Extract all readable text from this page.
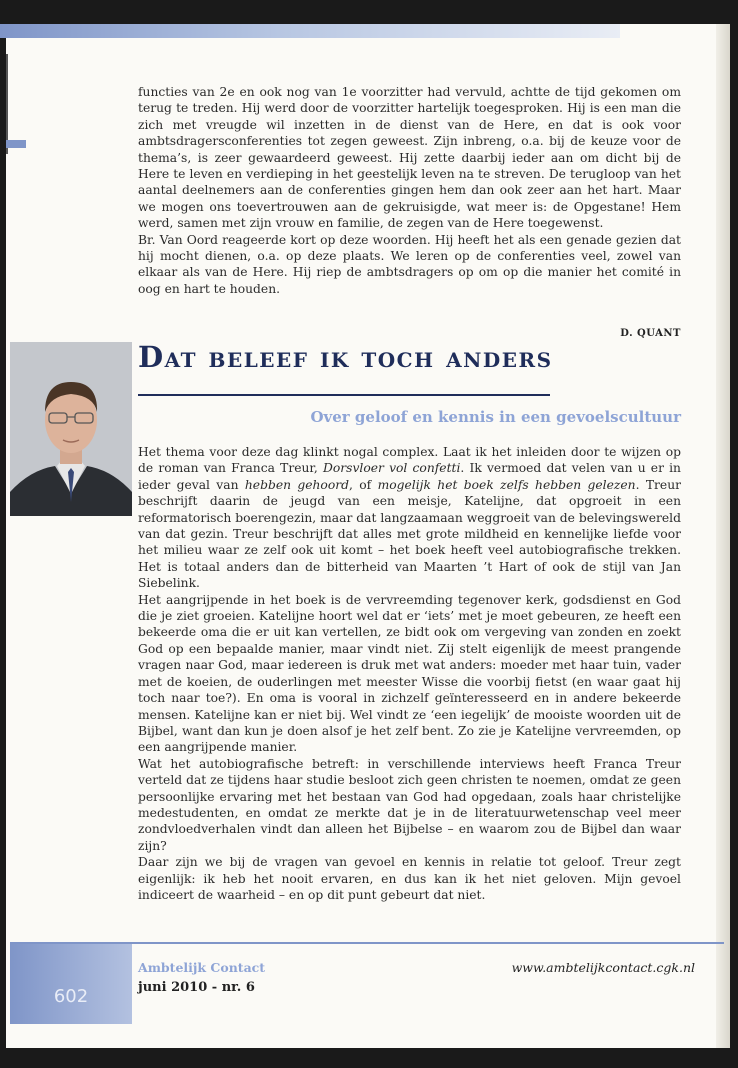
functies van 2e en ook nog van 1e voorzitter had vervuld, achtte de tijd gekomen om terug te treden. Hij werd door de voorzitter hartelijk toegesproken. Hij is een man die zich met vreugde wil inzetten in de dienst van de Here, en dat is ook voor ambtsdragersconferenties tot zegen geweest. Zijn inbreng, o.a. bij de keuze voor de thema’s, is zeer gewaardeerd geweest. Hij zette daarbij ieder aan om dicht bij de Here te leven en verdieping in het geestelijk leven na te streven. De terugloop van het aantal deelnemers aan de conferenties gingen hem dan ook zeer aan het hart. Maar we mogen ons toevertrouwen aan de gekruisigde, wat meer is: de Opgestane! Hem werd, samen met zijn vrouw en familie, de zegen van de Here toegewenst.

Br. Van Oord reageerde kort op deze woorden. Hij heeft het als een genade gezien dat hij mocht dienen, o.a. op deze plaats. We leren op de conferenties veel, zowel van elkaar als van de Here. Hij riep de ambtsdragers op om op die manier het comité in oog en hart te houden.

D. QUANT
Dat beleef ik toch anders
Over geloof en kennis in een gevoelscultuur

Het thema voor deze dag klinkt nogal complex. Laat ik het inleiden door te wijzen op de roman van Franca Treur, Dorsvloer vol confetti. Ik vermoed dat velen van u er in ieder geval van hebben gehoord, of mogelijk het boek zelfs hebben gelezen. Treur beschrijft daarin de jeugd van een meisje, Katelijne, dat opgroeit in een reformatorisch boerengezin, maar dat langzaamaan weggroeit van de belevingswereld van dat gezin. Treur beschrijft dat alles met grote mildheid en kennelijke liefde voor het milieu waar ze zelf ook uit komt – het boek heeft veel autobiografische trekken. Het is totaal anders dan de bitterheid van Maarten ’t Hart of ook de stijl van Jan Siebelink.

Het aangrijpende in het boek is de vervreemding tegenover kerk, godsdienst en God die je ziet groeien. Katelijne hoort wel dat er ‘iets’ met je moet gebeuren, ze heeft een bekeerde oma die er uit kan vertellen, ze bidt ook om vergeving van zonden en zoekt God op een bepaalde manier, maar vindt niet. Zij stelt eigenlijk de meest prangende vragen naar God, maar iedereen is druk met wat anders: moeder met haar tuin, vader met de koeien, de ouderlingen met meester Wisse die voorbij fietst (en waar gaat hij toch naar toe?). En oma is vooral in zichzelf geïnteresseerd en in andere bekeerde mensen. Katelijne kan er niet bij. Wel vindt ze ‘een iegelijk’ de mooiste woorden uit de Bijbel, want dan kun je doen alsof je het zelf bent. Zo zie je Katelijne vervreemden, op een aangrijpende manier.

Wat het autobiografische betreft: in verschillende interviews heeft Franca Treur verteld dat ze tijdens haar studie besloot zich geen christen te noemen, omdat ze geen persoonlijke ervaring met het bestaan van God had opgedaan, zoals haar christelijke medestudenten, en omdat ze merkte dat je in de literatuurwetenschap veel meer zondvloedverhalen vindt dan alleen het Bijbelse – en waarom zou de Bijbel dan waar zijn?

Daar zijn we bij de vragen van gevoel en kennis in relatie tot geloof. Treur zegt eigenlijk: ik heb het nooit ervaren, en dus kan ik het niet geloven. Mijn gevoel indiceert de waarheid – en op dit punt gebeurt dat niet.

602
Ambtelijk Contact
juni 2010 - nr. 6
www.ambtelijkcontact.cgk.nl
